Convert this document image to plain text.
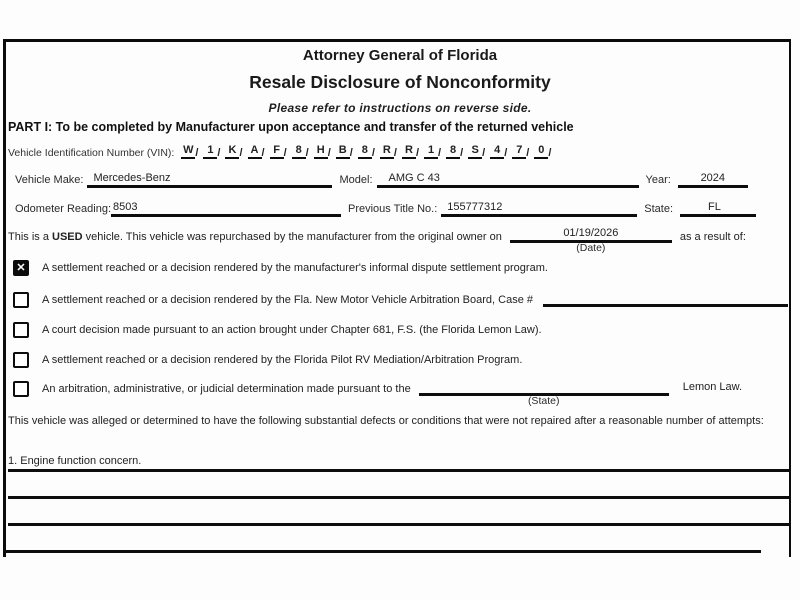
Attorney General of Florida
Resale Disclosure of Nonconformity
Please refer to instructions on reverse side.
PART I: To be completed by Manufacturer upon acceptance and transfer of the returned vehicle
Vehicle Identification Number (VIN): W / 1 / K / A / F / 8 / H / B / 8 / R / R / 1 / 8 / S / 4 / 7 / 0 /
Vehicle Make: Mercedes-Benz	Model:	AMG C 43	Year:	2024
Odometer Reading: 8503	Previous Title No.: 155777312	State:	FL
This is a USED vehicle. This vehicle was repurchased by the manufacturer from the original owner on	01/19/2026
(Date)
as a result of:
✕
A settlement reached or a decision rendered by the manufacturer's informal dispute settlement program.
A settlement reached or a decision rendered by the Fla. New Motor Vehicle Arbitration Board, Case #
A court decision made pursuant to an action brought under Chapter 681, F.S. (the Florida Lemon Law).
A settlement reached or a decision rendered by the Florida Pilot RV Mediation/Arbitration Program.
An arbitration, administrative, or judicial determination made pursuant to the
(State)
Lemon Law.
This vehicle was alleged or determined to have the following substantial defects or conditions that were not repaired after a reasonable number of attempts:
1. Engine function concern.
